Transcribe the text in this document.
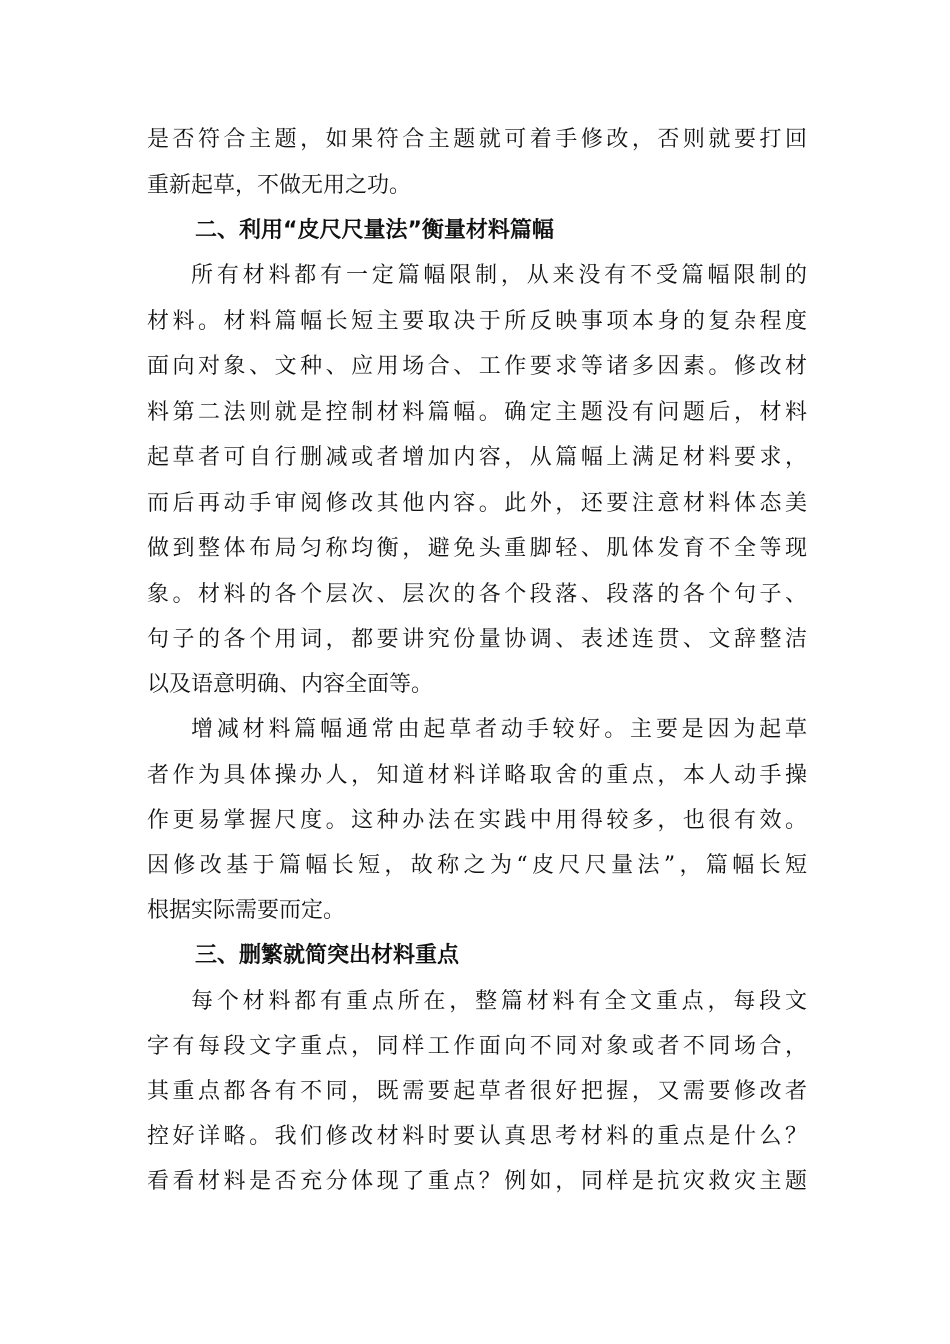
是否符合主题，如果符合主题就可着手修改，否则就要打回
重新起草，不做无用之功。
二、利用“皮尺尺量法”衡量材料篇幅
所有材料都有一定篇幅限制，从来没有不受篇幅限制的
材料。材料篇幅长短主要取决于所反映事项本身的复杂程度
面向对象、文种、应用场合、工作要求等诸多因素。修改材
料第二法则就是控制材料篇幅。确定主题没有问题后，材料
起草者可自行删减或者增加内容，从篇幅上满足材料要求，
而后再动手审阅修改其他内容。此外，还要注意材料体态美
做到整体布局匀称均衡，避免头重脚轻、肌体发育不全等现
象。材料的各个层次、层次的各个段落、段落的各个句子、
句子的各个用词，都要讲究份量协调、表述连贯、文辞整洁
以及语意明确、内容全面等。
增减材料篇幅通常由起草者动手较好。主要是因为起草
者作为具体操办人，知道材料详略取舍的重点，本人动手操
作更易掌握尺度。这种办法在实践中用得较多，也很有效。
因修改基于篇幅长短，故称之为“皮尺尺量法”，篇幅长短
根据实际需要而定。
三、删繁就简突出材料重点
每个材料都有重点所在，整篇材料有全文重点，每段文
字有每段文字重点，同样工作面向不同对象或者不同场合，
其重点都各有不同，既需要起草者很好把握，又需要修改者
控好详略。我们修改材料时要认真思考材料的重点是什么？
看看材料是否充分体现了重点？例如，同样是抗灾救灾主题
